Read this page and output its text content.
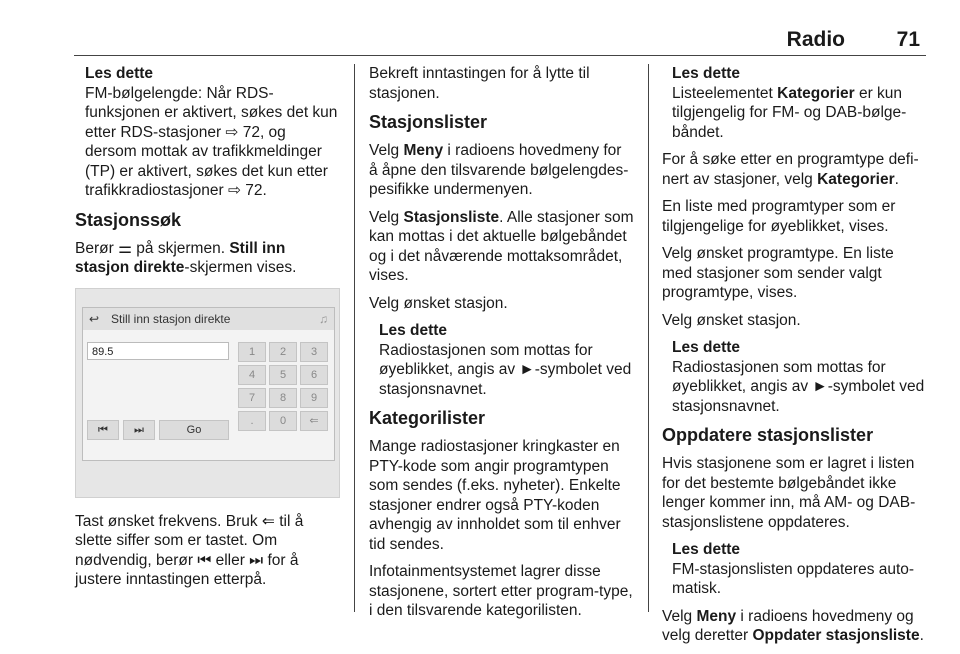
Radio 71
Les dette
FM-bølgelengde: Når RDS-funksjonen er aktivert, søkes det kun etter RDS-stasjoner ⇨ 72, og dersom mottak av trafikkmeldinger (TP) er aktivert, søkes det kun etter trafikkradiostasjoner ⇨ 72.
Stasjonssøk

Berør ⚌ på skjermen. Still inn stasjon direkte-skjermen vises.

↩ Still inn stasjon direkte	♫
89.5	1	2	3
4	5	6
7	8	9
.	0	⇐
⏮	⏭	Go

Tast ønsket frekvens. Bruk ⇐ til å slette siffer som er tastet. Om nødvendig, berør ⏮ eller ⏭ for å justere inntastingen etterpå.

Bekreft inntastingen for å lytte til stasjonen.

Stasjonslister

Velg Meny i radioens hovedmeny for å åpne den tilsvarende bølgelengdes-pesifikke undermenyen.

Velg Stasjonsliste. Alle stasjoner som kan mottas i det aktuelle bølgebåndet og i det nåværende mottaksområdet, vises.

Velg ønsket stasjon.

Les dette
Radiostasjonen som mottas for øyeblikket, angis av ►-symbolet ved stasjonsnavnet.
Kategorilister

Mange radiostasjoner kringkaster en PTY-kode som angir programtypen som sendes (f.eks. nyheter). Enkelte stasjoner endrer også PTY-koden avhengig av innholdet som til enhver tid sendes.

Infotainmentsystemet lagrer disse stasjonene, sortert etter program-type, i den tilsvarende kategorilisten.

Les dette
Listeelementet Kategorier er kun tilgjengelig for FM- og DAB-bølge-båndet.

For å søke etter en programtype defi-nert av stasjoner, velg Kategorier.

En liste med programtyper som er tilgjengelige for øyeblikket, vises.

Velg ønsket programtype. En liste med stasjoner som sender valgt programtype, vises.

Velg ønsket stasjon.

Les dette
Radiostasjonen som mottas for øyeblikket, angis av ►-symbolet ved stasjonsnavnet.
Oppdatere stasjonslister

Hvis stasjonene som er lagret i listen for det bestemte bølgebåndet ikke lenger kommer inn, må AM- og DAB-stasjonslistene oppdateres.

Les dette
FM-stasjonslisten oppdateres auto-matisk.

Velg Meny i radioens hovedmeny og velg deretter Oppdater stasjonsliste.
